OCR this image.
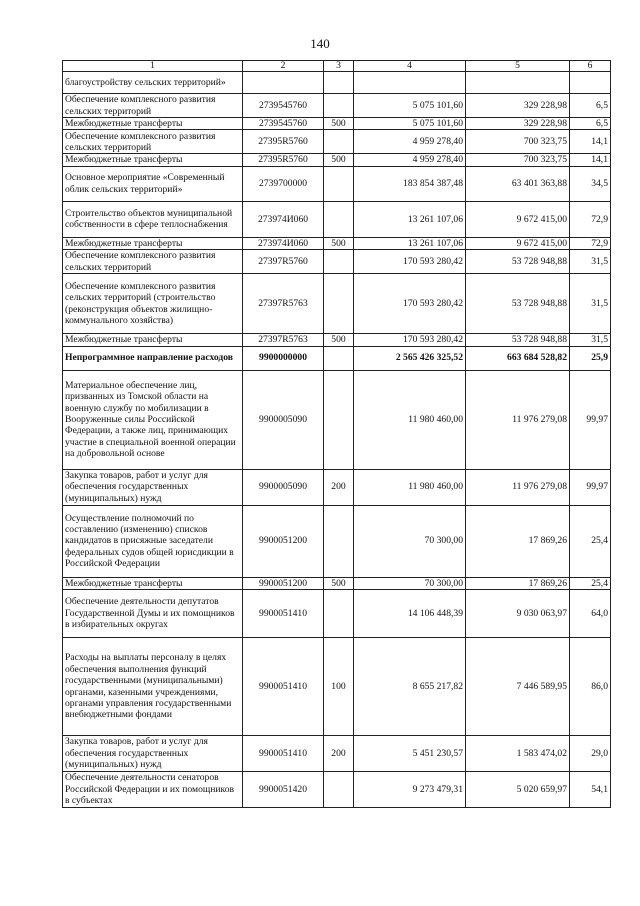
140
1	2	3	4	5	6
благоустройству сельских территорий»					
Обеспечение комплексного развития сельских территорий	2739545760		5 075 101,60	329 228,98	6,5
Межбюджетные трансферты	2739545760	500	5 075 101,60	329 228,98	6,5
Обеспечение комплексного развития сельских территорий	27395R5760		4 959 278,40	700 323,75	14,1
Межбюджетные трансферты	27395R5760	500	4 959 278,40	700 323,75	14,1
Основное мероприятие «Современный облик сельских территорий»	2739700000		183 854 387,48	63 401 363,88	34,5
Строительство объектов муниципальной собственности в сфере теплоснабжения	273974И060		13 261 107,06	9 672 415,00	72,9
Межбюджетные трансферты	273974И060	500	13 261 107,06	9 672 415,00	72,9
Обеспечение комплексного развития сельских территорий	27397R5760		170 593 280,42	53 728 948,88	31,5
Обеспечение комплексного развития сельских территорий (строительство (реконструкция объектов жилищно-коммунального хозяйства)	27397R5763		170 593 280,42	53 728 948,88	31,5
Межбюджетные трансферты	27397R5763	500	170 593 280,42	53 728 948,88	31,5
Непрограммное направление расходов	9900000000		2 565 426 325,52	663 684 528,82	25,9
Материальное обеспечение лиц, призванных из Томской области на военную службу по мобилизации в Вооруженные силы Российской Федерации, а также лиц, принимающих участие в специальной военной операции на добровольной основе	9900005090		11 980 460,00	11 976 279,08	99,97
Закупка товаров, работ и услуг для обеспечения государственных (муниципальных) нужд	9900005090	200	11 980 460,00	11 976 279,08	99,97
Осуществление полномочий по составлению (изменению) списков кандидатов в присяжные заседатели федеральных судов общей юрисдикции в Российской Федерации	9900051200		70 300,00	17 869,26	25,4
Межбюджетные трансферты	9900051200	500	70 300,00	17 869,26	25,4
Обеспечение деятельности депутатов Государственной Думы и их помощников в избирательных округах	9900051410		14 106 448,39	9 030 063,97	64,0
Расходы на выплаты персоналу в целях обеспечения выполнения функций государственными (муниципальными) органами, казенными учреждениями, органами управления государственными внебюджетными фондами	9900051410	100	8 655 217,82	7 446 589,95	86,0
Закупка товаров, работ и услуг для обеспечения государственных (муниципальных) нужд	9900051410	200	5 451 230,57	1 583 474,02	29,0
Обеспечение деятельности сенаторов Российской Федерации и их помощников в субъектах	9900051420		9 273 479,31	5 020 659,97	54,1
